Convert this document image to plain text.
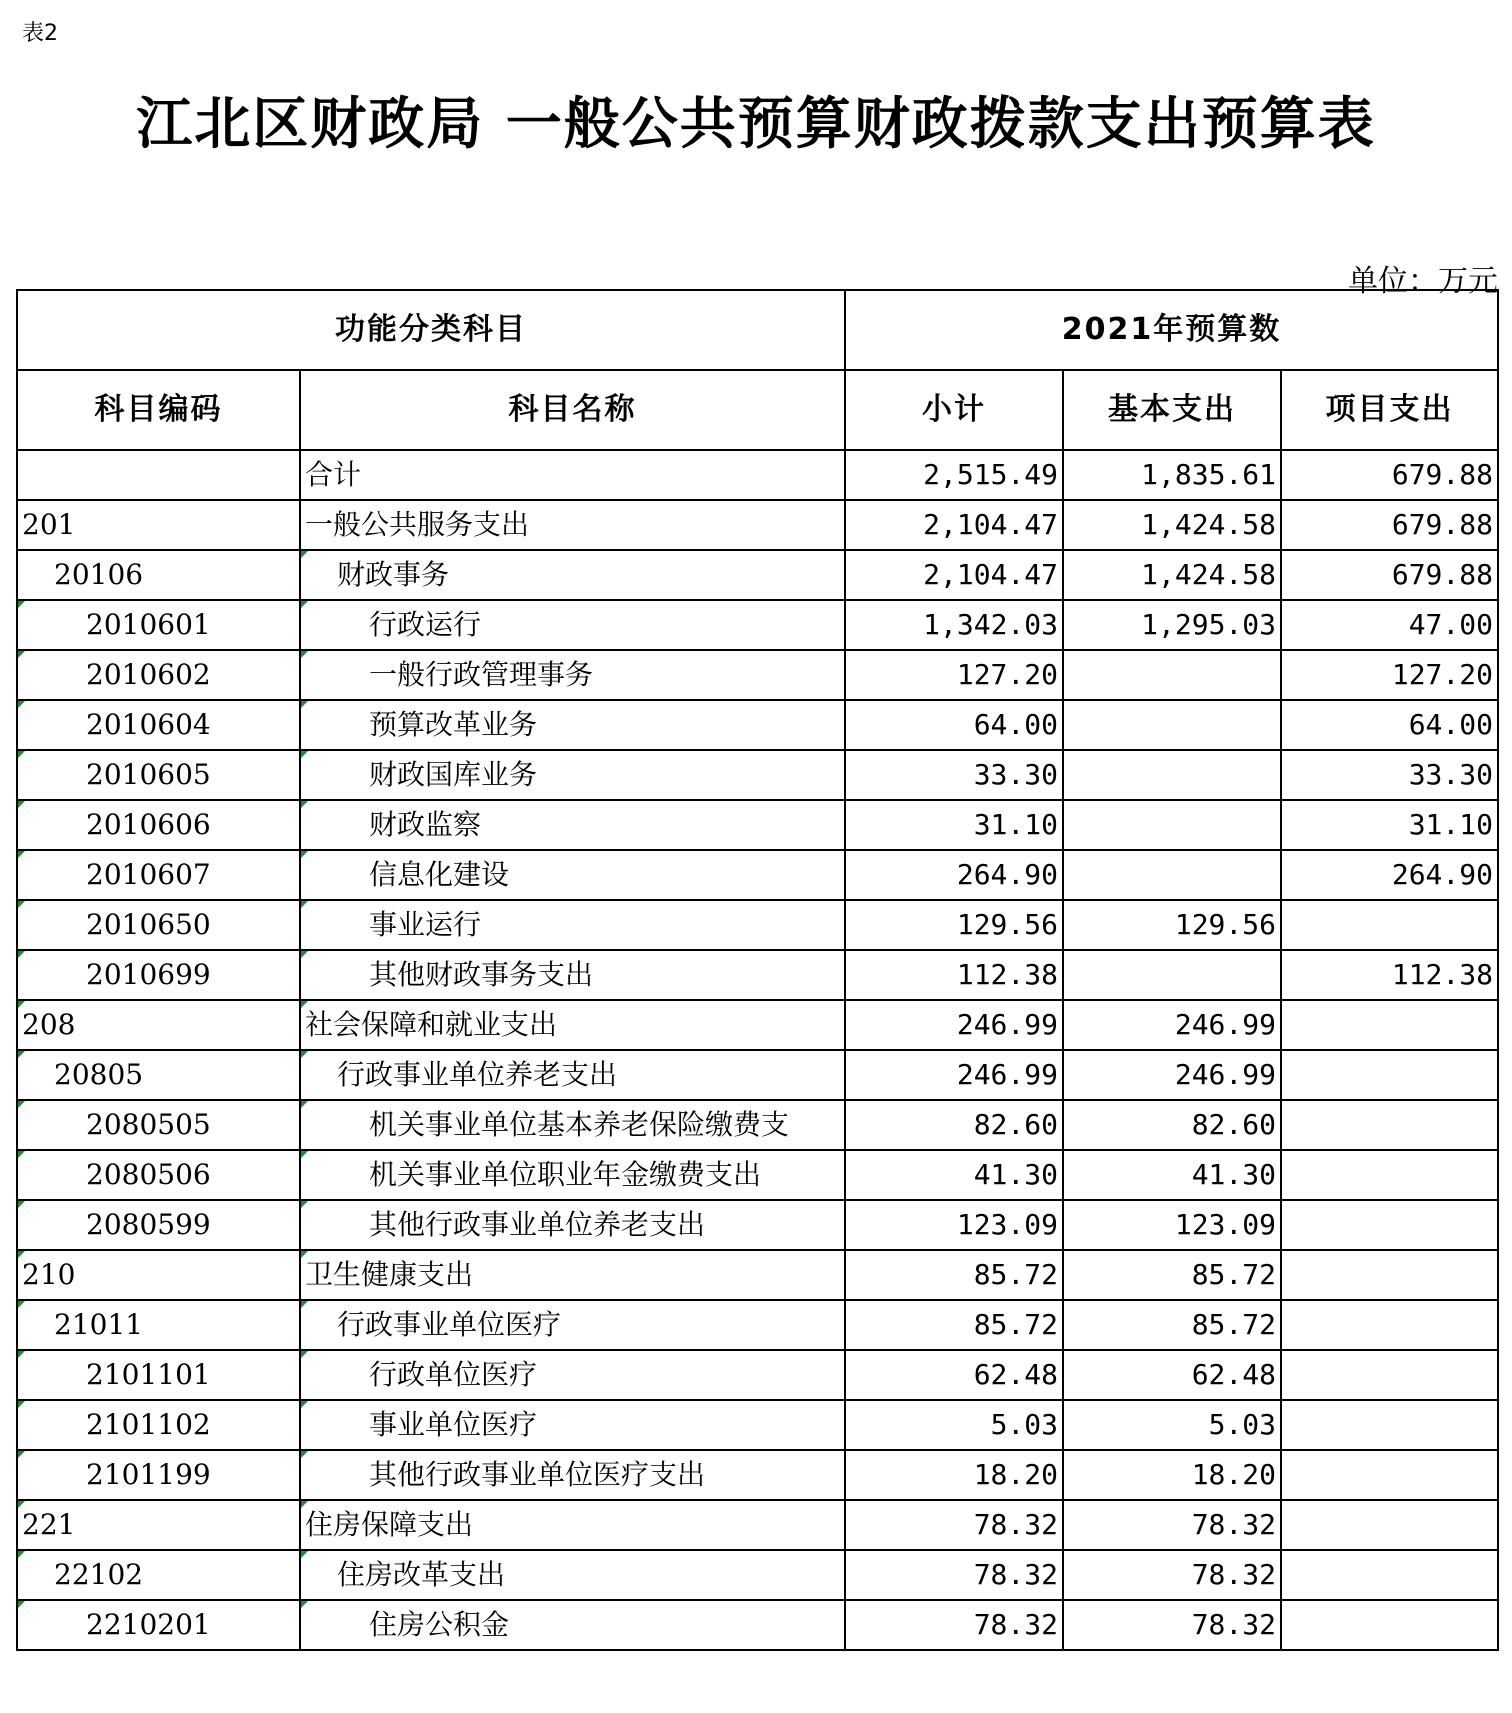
表2
江北区财政局 一般公共预算财政拨款支出预算表
单位：万元
功能分类科目		2021年预算数		
科目编码	科目名称	小计	基本支出	项目支出
	合计	2,515.49	1,835.61	679.88
201	一般公共服务支出	2,104.47	1,424.58	679.88
20106	财政事务	2,104.47	1,424.58	679.88
2010601	行政运行	1,342.03	1,295.03	47.00
2010602	一般行政管理事务	127.20		127.20
2010604	预算改革业务	64.00		64.00
2010605	财政国库业务	33.30		33.30
2010606	财政监察	31.10		31.10
2010607	信息化建设	264.90		264.90
2010650	事业运行	129.56	129.56	
2010699	其他财政事务支出	112.38		112.38
208	社会保障和就业支出	246.99	246.99	
20805	行政事业单位养老支出	246.99	246.99	
2080505	机关事业单位基本养老保险缴费支	82.60	82.60	
2080506	机关事业单位职业年金缴费支出	41.30	41.30	
2080599	其他行政事业单位养老支出	123.09	123.09	
210	卫生健康支出	85.72	85.72	
21011	行政事业单位医疗	85.72	85.72	
2101101	行政单位医疗	62.48	62.48	
2101102	事业单位医疗	5.03	5.03	
2101199	其他行政事业单位医疗支出	18.20	18.20	
221	住房保障支出	78.32	78.32	
22102	住房改革支出	78.32	78.32	
2210201	住房公积金	78.32	78.32	
